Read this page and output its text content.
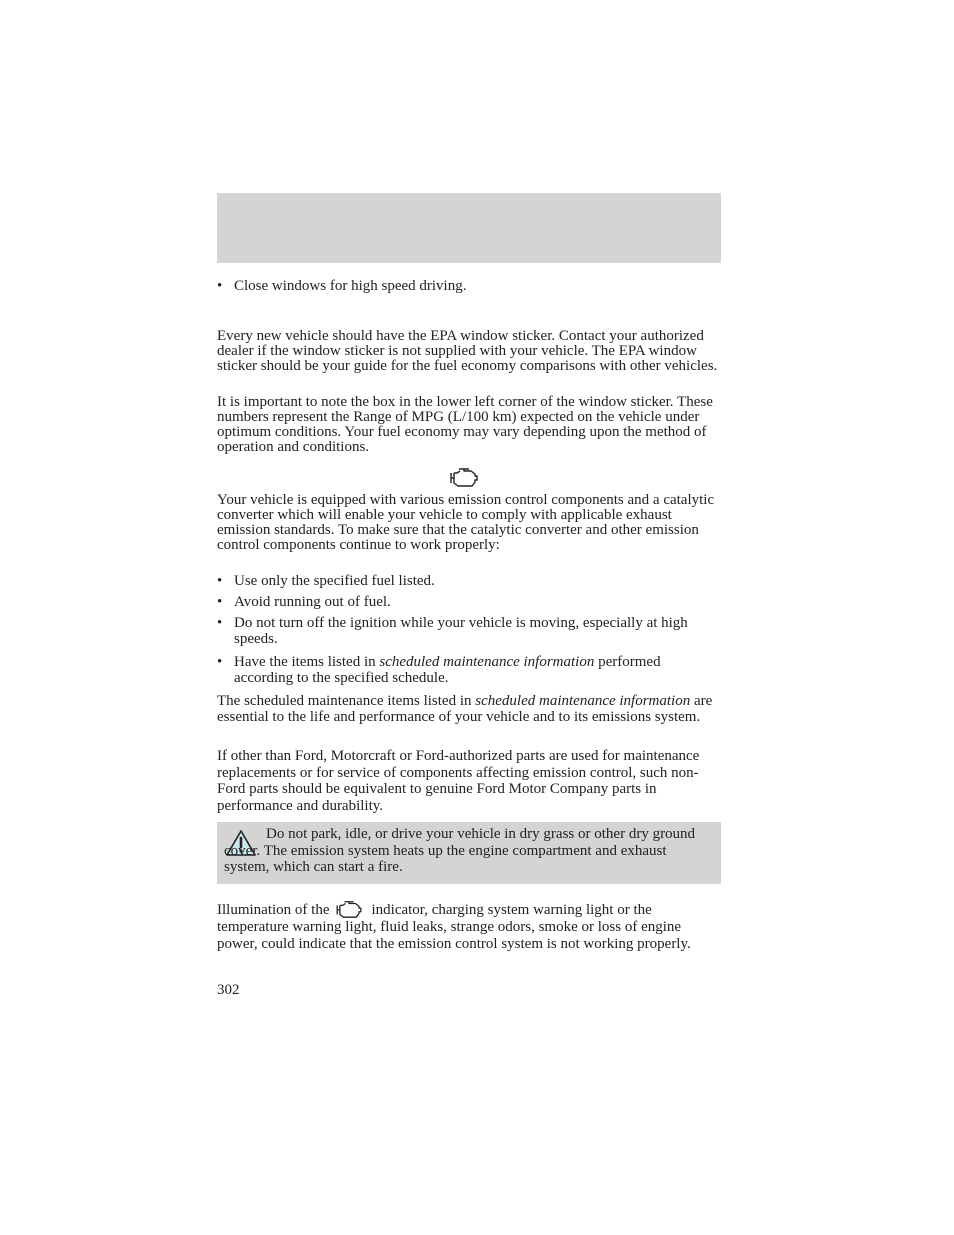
• Close windows for high speed driving.

Every new vehicle should have the EPA window sticker. Contact your authorized dealer if the window sticker is not supplied with your vehicle. The EPA window sticker should be your guide for the fuel economy comparisons with other vehicles.

It is important to note the box in the lower left corner of the window sticker. These numbers represent the Range of MPG (L/100 km) expected on the vehicle under optimum conditions. Your fuel economy may vary depending upon the method of operation and conditions.

Your vehicle is equipped with various emission control components and a catalytic converter which will enable your vehicle to comply with applicable exhaust emission standards. To make sure that the catalytic converter and other emission control components continue to work properly:

• Use only the specified fuel listed.
• Avoid running out of fuel.
• Do not turn off the ignition while your vehicle is moving, especially at high speeds.
• Have the items listed in scheduled maintenance information performed according to the specified schedule.

The scheduled maintenance items listed in scheduled maintenance information are essential to the life and performance of your vehicle and to its emissions system.

If other than Ford, Motorcraft or Ford-authorized parts are used for maintenance replacements or for service of components affecting emission control, such non-Ford parts should be equivalent to genuine Ford Motor Company parts in performance and durability.

Do not park, idle, or drive your vehicle in dry grass or other dry ground cover. The emission system heats up the engine compartment and exhaust system, which can start a fire.

Illumination of the	indicator, charging system warning light or the temperature warning light, fluid leaks, strange odors, smoke or loss of engine power, could indicate that the emission control system is not working properly.

302
